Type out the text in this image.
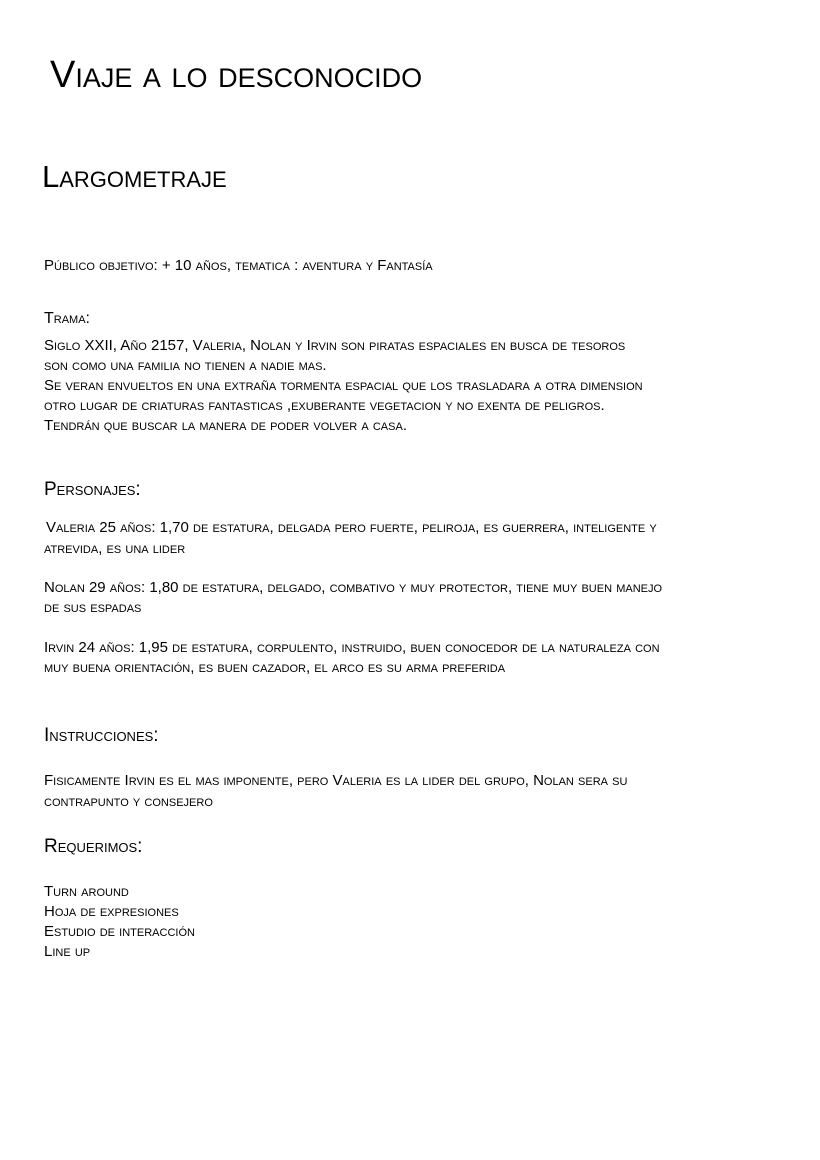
Viaje a lo desconocido
Largometraje

Público objetivo: + 10 años, tematica : aventura y Fantasía

Trama:

Siglo XXII, Año 2157, Valeria, Nolan y Irvin son piratas espaciales en busca de tesoros

son como una familia no tienen a nadie mas.

Se veran envueltos en una extraña tormenta espacial que los trasladara a otra dimension

otro lugar de criaturas fantasticas ,exuberante vegetacion y no exenta de peligros.

Tendrán que buscar la manera de poder volver a casa.

Personajes:

Valeria 25 años: 1,70 de estatura, delgada pero fuerte, peliroja, es guerrera, inteligente y

atrevida, es una lider

Nolan 29 años: 1,80 de estatura, delgado, combativo y muy protector, tiene muy buen manejo

de sus espadas

Irvin 24 años: 1,95 de estatura, corpulento, instruido, buen conocedor de la naturaleza con

muy buena orientación, es buen cazador, el arco es su arma preferida

Instrucciones:

Fisicamente Irvin es el mas imponente, pero Valeria es la lider del grupo, Nolan sera su

contrapunto y consejero

Requerimos:

Turn around

Hoja de expresiones

Estudio de interacción

Line up
